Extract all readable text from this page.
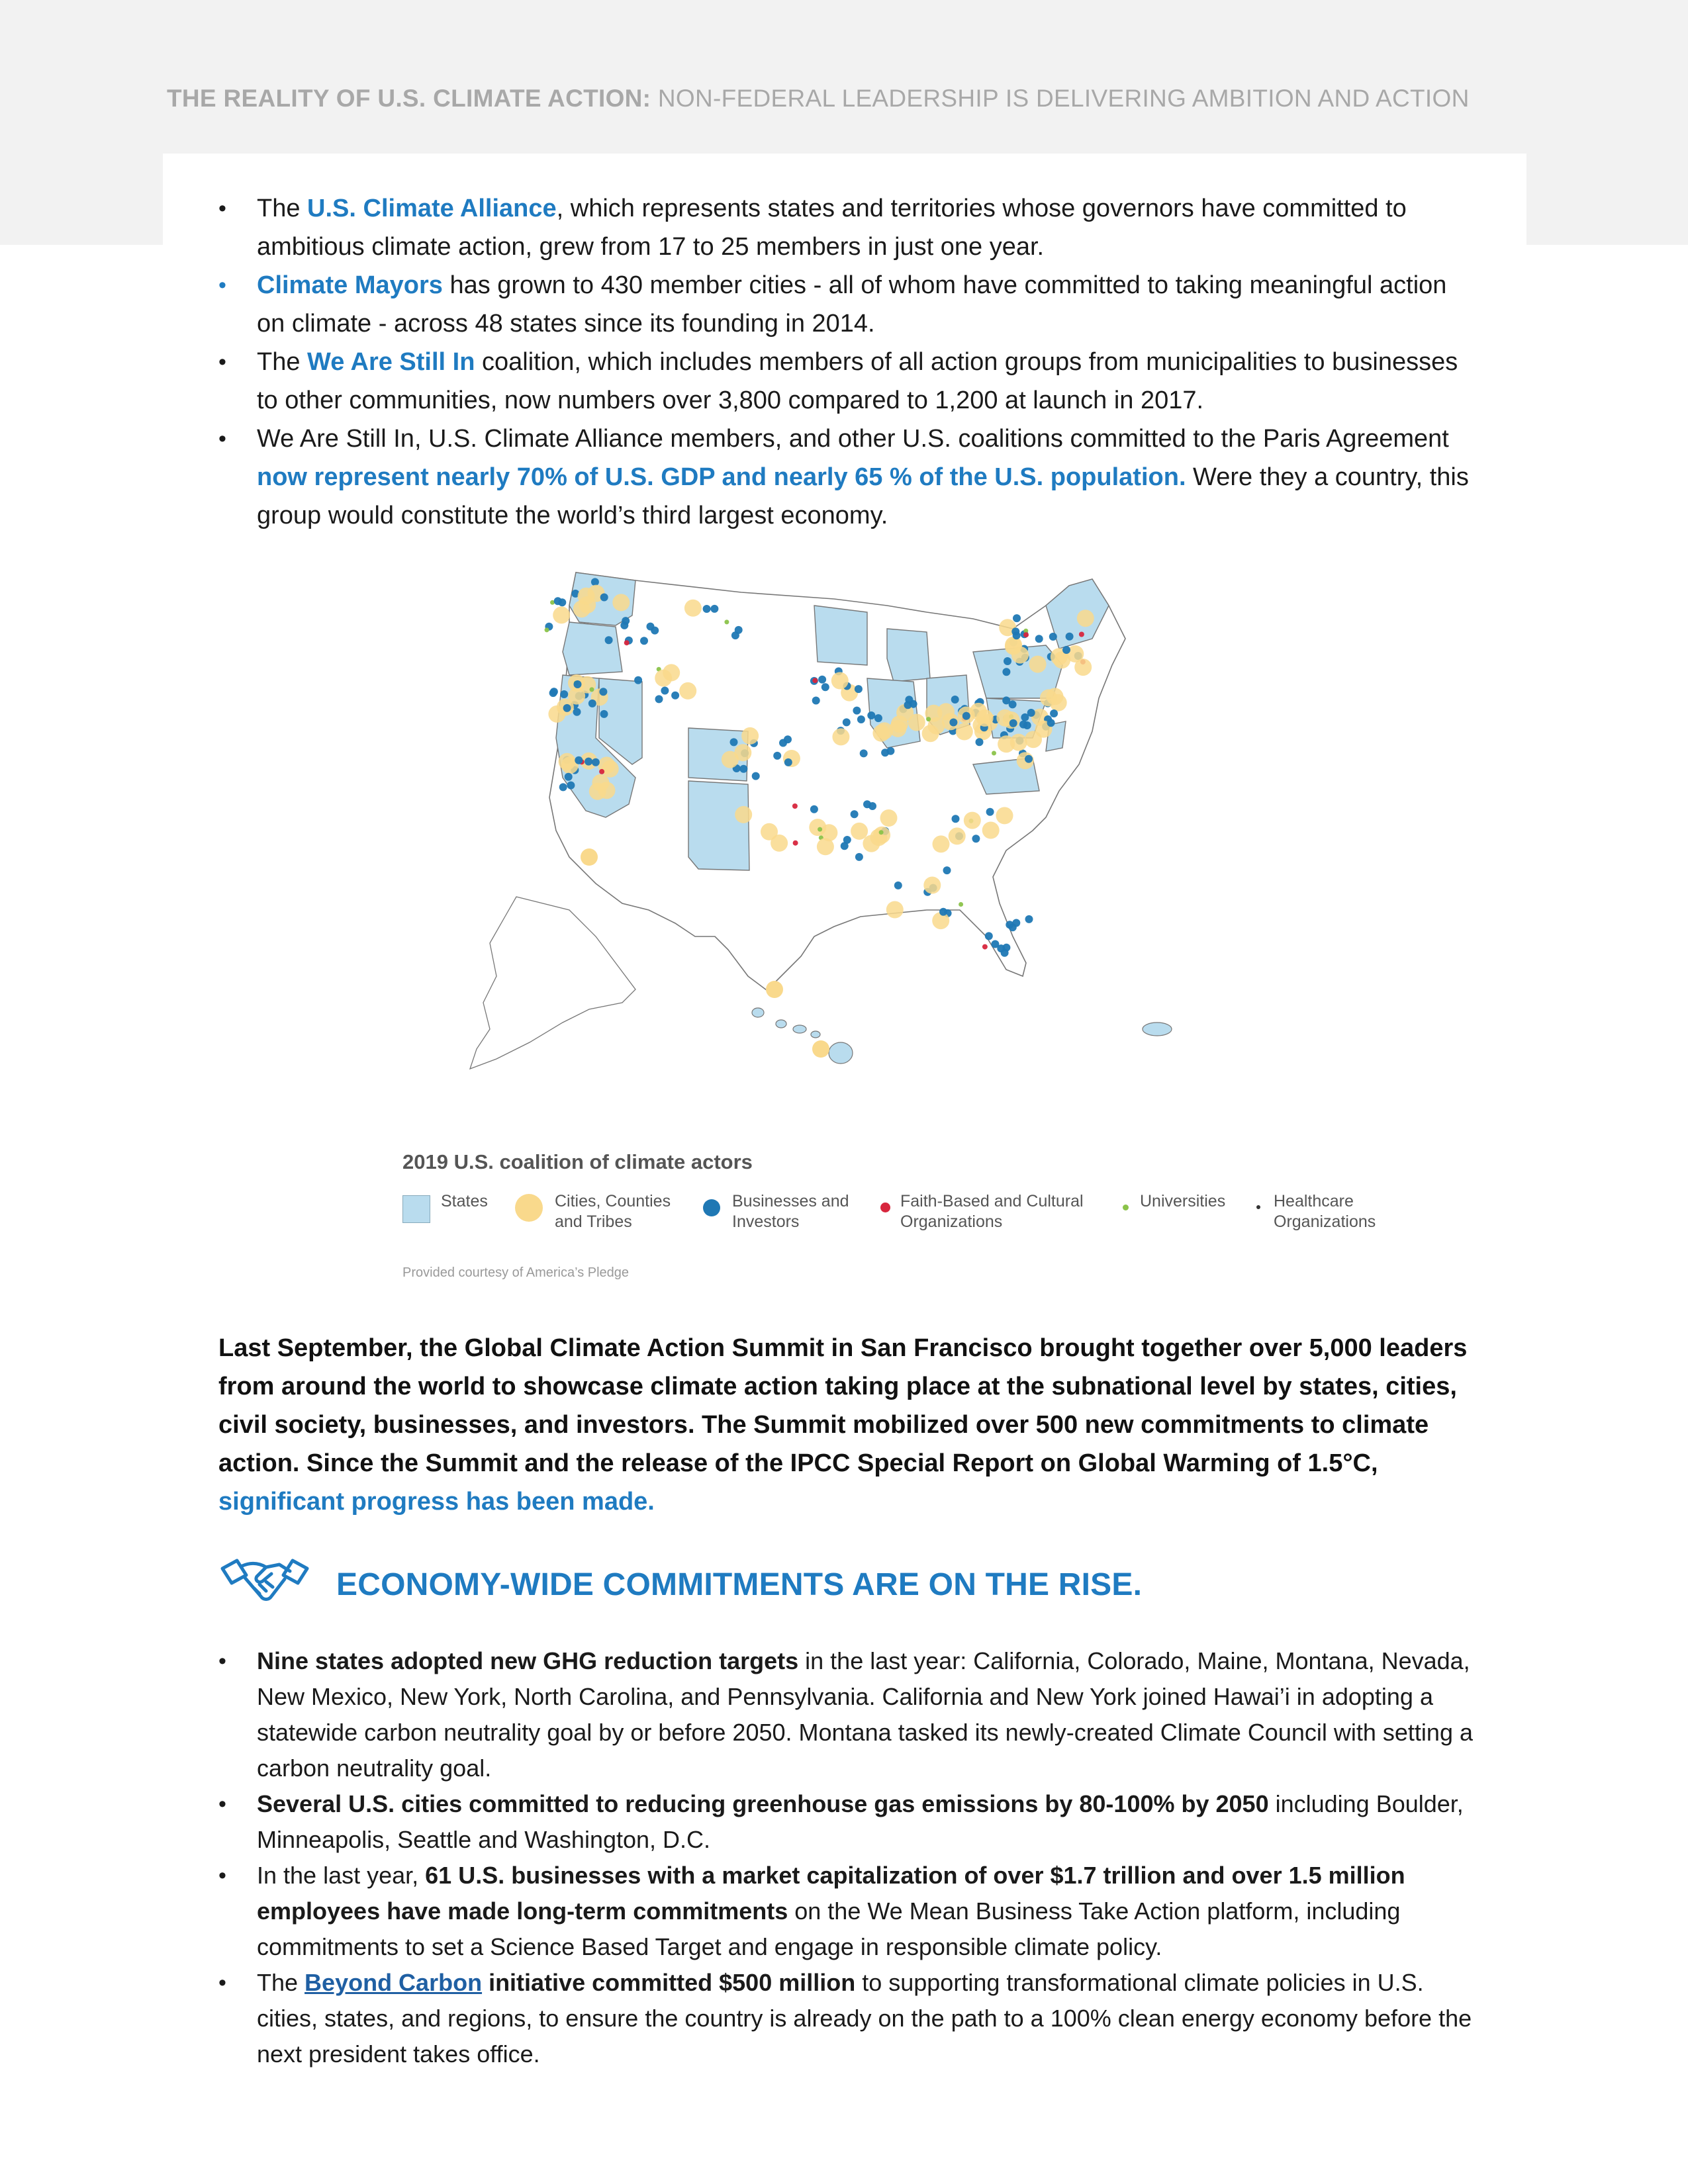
THE REALITY OF U.S. CLIMATE ACTION: NON-FEDERAL LEADERSHIP IS DELIVERING AMBITION AND ACTION
• The U.S. Climate Alliance, which represents states and territories whose governors have committed to ambitious climate action, grew from 17 to 25 members in just one year.
• Climate Mayors has grown to 430 member cities - all of whom have committed to taking meaningful action on climate - across 48 states since its founding in 2014.
• The We Are Still In coalition, which includes members of all action groups from municipalities to businesses to other communities, now numbers over 3,800 compared to 1,200 at launch in 2017.
• We Are Still In, U.S. Climate Alliance members, and other U.S. coalitions committed to the Paris Agreement now represent nearly 70% of U.S. GDP and nearly 65 % of the U.S. population. Were they a country, this group would constitute the world’s third largest economy.
2019 U.S. coalition of climate actors
States	Cities, Counties
and Tribes
Businesses and
Investors
Faith-Based and Cultural
Organizations
Universities	Healthcare
Organizations
Provided courtesy of America’s Pledge
Last September, the Global Climate Action Summit in San Francisco brought together over 5,000 leaders from around the world to showcase climate action taking place at the subnational level by states, cities, civil society, businesses, and investors. The Summit mobilized over 500 new commitments to climate action. Since the Summit and the release of the IPCC Special Report on Global Warming of 1.5°C, significant progress has been made.
ECONOMY-WIDE COMMITMENTS ARE ON THE RISE.
• Nine states adopted new GHG reduction targets in the last year: California, Colorado, Maine, Montana, Nevada, New Mexico, New York, North Carolina, and Pennsylvania. California and New York joined Hawai’i in adopting a statewide carbon neutrality goal by or before 2050. Montana tasked its newly-created Climate Council with setting a carbon neutrality goal.
• Several U.S. cities committed to reducing greenhouse gas emissions by 80-100% by 2050 including Boulder, Minneapolis, Seattle and Washington, D.C.
• In the last year, 61 U.S. businesses with a market capitalization of over $1.7 trillion and over 1.5 million employees have made long-term commitments on the We Mean Business Take Action platform, including commitments to set a Science Based Target and engage in responsible climate policy.
• The Beyond Carbon initiative committed $500 million to supporting transformational climate policies in U.S. cities, states, and regions, to ensure the country is already on the path to a 100% clean energy economy before the next president takes office.
